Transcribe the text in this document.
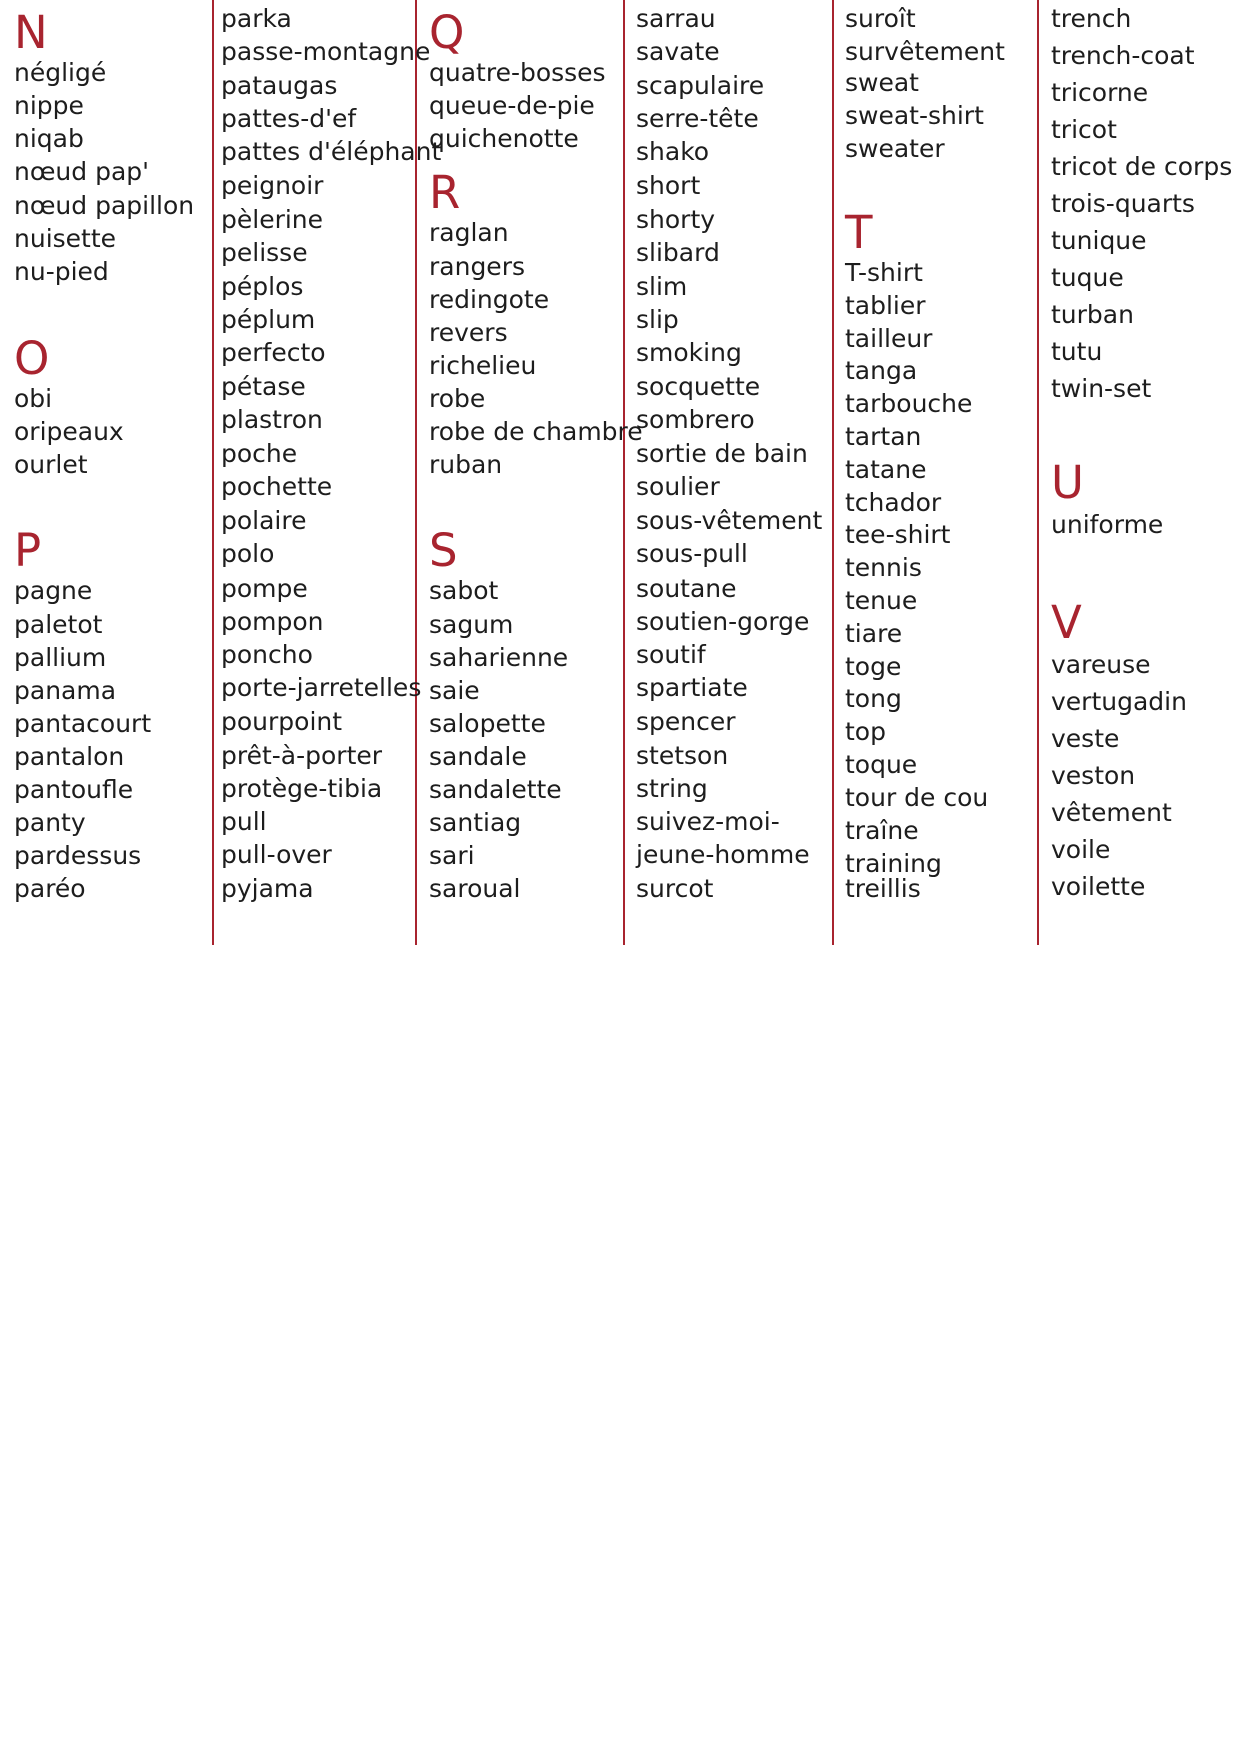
N
négligé
nippe
niqab
nœud pap'
nœud papillon
nuisette
nu-pied
O
obi
oripeaux
ourlet
P
pagne
paletot
pallium
panama
pantacourt
pantalon
pantoufle
panty
pardessus
paréo
parka
passe-montagne
pataugas
pattes-d'ef
pattes d'éléphant
peignoir
pèlerine
pelisse
péplos
péplum
perfecto
pétase
plastron
poche
pochette
polaire
polo
pompe
pompon
poncho
porte-jarretelles
pourpoint
prêt-à-porter
protège-tibia
pull
pull-over
pyjama
Q
quatre-bosses
queue-de-pie
quichenotte
R
raglan
rangers
redingote
revers
richelieu
robe
robe de chambre
ruban
S
sabot
sagum
saharienne
saie
salopette
sandale
sandalette
santiag
sari
saroual
sarrau
savate
scapulaire
serre-tête
shako
short
shorty
slibard
slim
slip
smoking
socquette
sombrero
sortie de bain
soulier
sous-vêtement
sous-pull
soutane
soutien-gorge
soutif
spartiate
spencer
stetson
string
suivez-moi-
jeune-homme
surcot
suroît
survêtement
sweat
sweat-shirt
sweater
T
T-shirt
tablier
tailleur
tanga
tarbouche
tartan
tatane
tchador
tee-shirt
tennis
tenue
tiare
toge
tong
top
toque
tour de cou
traîne
training
treillis
trench
trench-coat
tricorne
tricot
tricot de corps
trois-quarts
tunique
tuque
turban
tutu
twin-set
U
uniforme
V
vareuse
vertugadin
veste
veston
vêtement
voile
voilette
